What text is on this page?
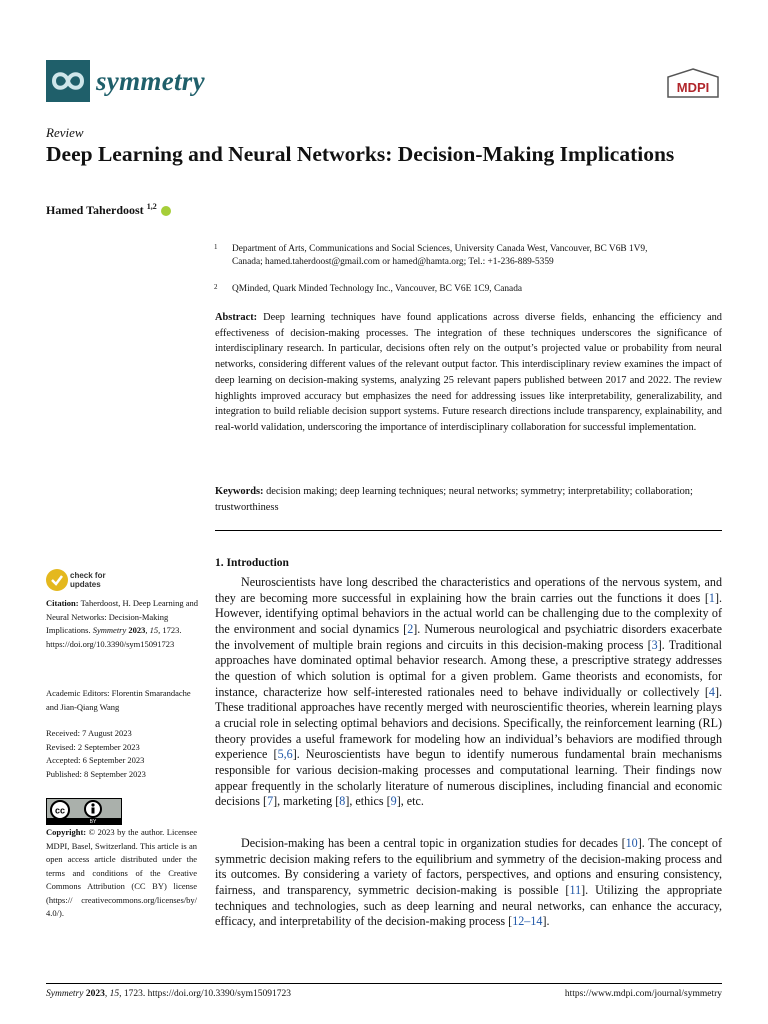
symmetry	MDPI
Review
Deep Learning and Neural Networks: Decision-Making Implications
Hamed Taherdoost $^{1,2}$
1 Department of Arts, Communications and Social Sciences, University Canada West, Vancouver, BC V6B 1V9, Canada; hamed.taherdoost@gmail.com or hamed@hamta.org; Tel.: +1-236-889-5359
2 QMinded, Quark Minded Technology Inc., Vancouver, BC V6E 1C9, Canada
Abstract: Deep learning techniques have found applications across diverse fields, enhancing the efficiency and effectiveness of decision-making processes. The integration of these techniques underscores the significance of interdisciplinary research. In particular, decisions often rely on the output’s projected value or probability from neural networks, considering different values of the relevant output factor. This interdisciplinary review examines the impact of deep learning on decision-making systems, analyzing 25 relevant papers published between 2017 and 2022. The review highlights improved accuracy but emphasizes the need for addressing issues like interpretability, generalizability, and integration to build reliable decision support systems. Future research directions include transparency, explainability, and real-world validation, underscoring the importance of interdisciplinary collaboration for successful implementation.
Keywords: decision making; deep learning techniques; neural networks; symmetry; interpretability; collaboration; trustworthiness
1. Introduction
Neuroscientists have long described the characteristics and operations of the nervous system, and they are becoming more successful in explaining how the brain carries out the functions it does [1]. However, identifying optimal behaviors in the actual world can be challenging due to the complexity of the environment and social dynamics [2]. Numerous neurological and psychiatric disorders exacerbate the involvement of multiple brain regions and circuits in this decision-making process [3]. Traditional approaches have dominated optimal behavior research. Among these, a prescriptive strategy addresses the question of which solution is optimal for a given problem. Game theorists and economists, for instance, characterize how self-interested rationales need to behave individually or collectively [4]. These traditional approaches have recently merged with neuroscientific theories, wherein learning plays a crucial role in selecting optimal behaviors and decisions. Specifically, the reinforcement learning (RL) theory provides a useful framework for modeling how an individual’s behaviors are modified through experience [5,6]. Neuroscientists have begun to identify numerous fundamental brain mechanisms responsible for various decision-making processes and computational learning. Their findings now appear frequently in the scholarly literature of numerous disciplines, including financial and economic decisions [7], marketing [8], ethics [9], etc.
Decision-making has been a central topic in organization studies for decades [10]. The concept of symmetric decision making refers to the equilibrium and symmetry of the decision-making process and its outcomes. By considering a variety of factors, perspectives, and options and ensuring consistency, fairness, and transparency, symmetric decision-making is possible [11]. Utilizing the appropriate techniques and technologies, such as deep learning and neural networks, can enhance the accuracy, efficacy, and interpretability of the decision-making process [12–14].
check for
updates
Citation: Taherdoost, H. Deep Learning and Neural Networks: Decision-Making Implications. Symmetry 2023, 15, 1723. https://doi.org/10.3390/sym15091723
Academic Editors: Florentin Smarandache and Jian-Qiang Wang
Received: 7 August 2023
Revised: 2 September 2023
Accepted: 6 September 2023
Published: 8 September 2023
cc
BY
Copyright: © 2023 by the author. Licensee MDPI, Basel, Switzerland. This article is an open access article distributed under the terms and conditions of the Creative Commons Attribution (CC BY) license (https:// creativecommons.org/licenses/by/ 4.0/).
Symmetry 2023, 15, 1723. https://doi.org/10.3390/sym15091723	https://www.mdpi.com/journal/symmetry
